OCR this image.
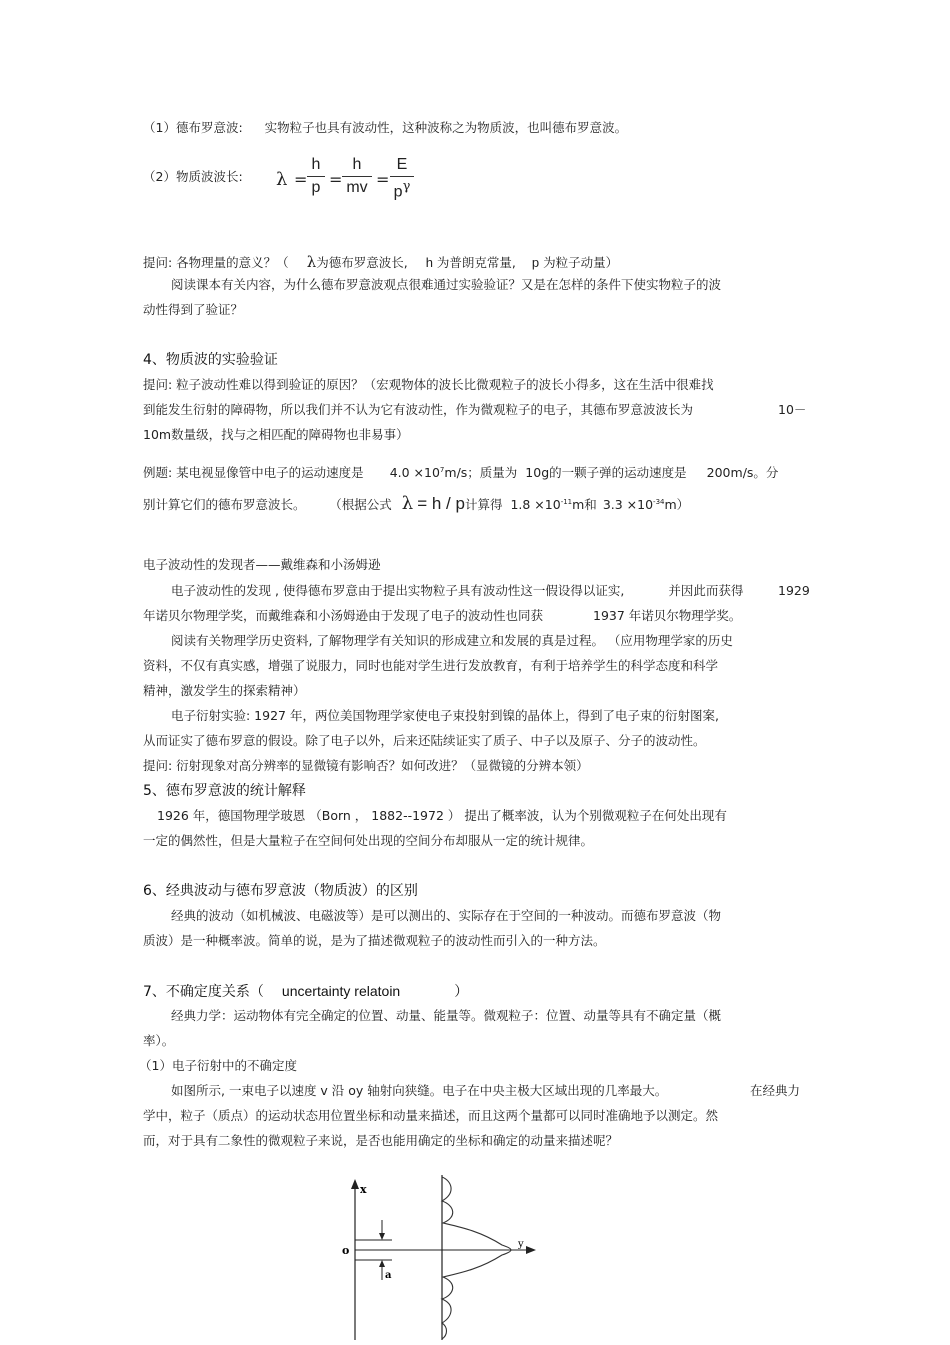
（1）德布罗意波: 实物粒子也具有波动性，这种波称之为物质波，也叫德布罗意波。
（2）物质波波长: λ =
h
p =
h
mv =
E
$p^\gamma$
提问: 各物理量的意义？（ λ为德布罗意波长, h 为普朗克常量, p 为粒子动量）
阅读课本有关内容，为什么德布罗意波观点很难通过实验验证？又是在怎样的条件下使实物粒子的波
动性得到了验证？
4、物质波的实验验证
提问: 粒子波动性难以得到验证的原因？（宏观物体的波长比微观粒子的波长小得多，这在生活中很难找
到能发生衍射的障碍物，所以我们并不认为它有波动性，作为微观粒子的电子，其德布罗意波波长为	10－
10m数量级，找与之相匹配的障碍物也非易事）
例题: 某电视显像管中电子的运动速度是 $4.0 \times 10^7m/s$；质量为 10g的一颗子弹的运动速度是 200m/s。分
别计算它们的德布罗意波长。 （根据公式 λ = h / p计算得 $1.8 \times 10^{-11}m$和 $3.3 \times 10^{-34}m$）
电子波动性的发现者——戴维森和小汤姆逊
电子波动性的发现 , 使得德布罗意由于提出实物粒子具有波动性这一假设得以证实,	并因此而获得	1929
年诺贝尔物理学奖，而戴维森和小汤姆逊由于发现了电子的波动性也同获	1937 年诺贝尔物理学奖。
阅读有关物理学历史资料, 了解物理学有关知识的形成建立和发展的真是过程。 （应用物理学家的历史
资料，不仅有真实感，增强了说服力，同时也能对学生进行发放教育，有利于培养学生的科学态度和科学
精神，激发学生的探索精神）
电子衍射实验: 1927 年，两位美国物理学家使电子束投射到镍的晶体上，得到了电子束的衍射图案,
从而证实了德布罗意的假设。除了电子以外，后来还陆续证实了质子、中子以及原子、分子的波动性。
提问: 衍射现象对高分辨率的显微镜有影响否？如何改进？（显微镜的分辨本领）
5、德布罗意波的统计解释
1926 年，德国物理学玻恩 （Born ， 1882--1972 ） 提出了概率波，认为个别微观粒子在何处出现有
一定的偶然性，但是大量粒子在空间何处出现的空间分布却服从一定的统计规律。
6、经典波动与德布罗意波（物质波）的区别
经典的波动（如机械波、电磁波等）是可以测出的、实际存在于空间的一种波动。而德布罗意波（物
质波）是一种概率波。简单的说，是为了描述微观粒子的波动性而引入的一种方法。
7、不确定度关系（ uncertainty relatoin	）
经典力学：运动物体有完全确定的位置、动量、能量等。微观粒子：位置、动量等具有不确定量（概
率）。
（1）电子衍射中的不确定度
如图所示, 一束电子以速度 v 沿 oy 轴射向狭缝。电子在中央主极大区域出现的几率最大。	在经典力
学中，粒子（质点）的运动状态用位置坐标和动量来描述，而且这两个量都可以同时准确地予以测定。然
而，对于具有二象性的微观粒子来说，是否也能用确定的坐标和确定的动量来描述呢？
x
y
o
a
